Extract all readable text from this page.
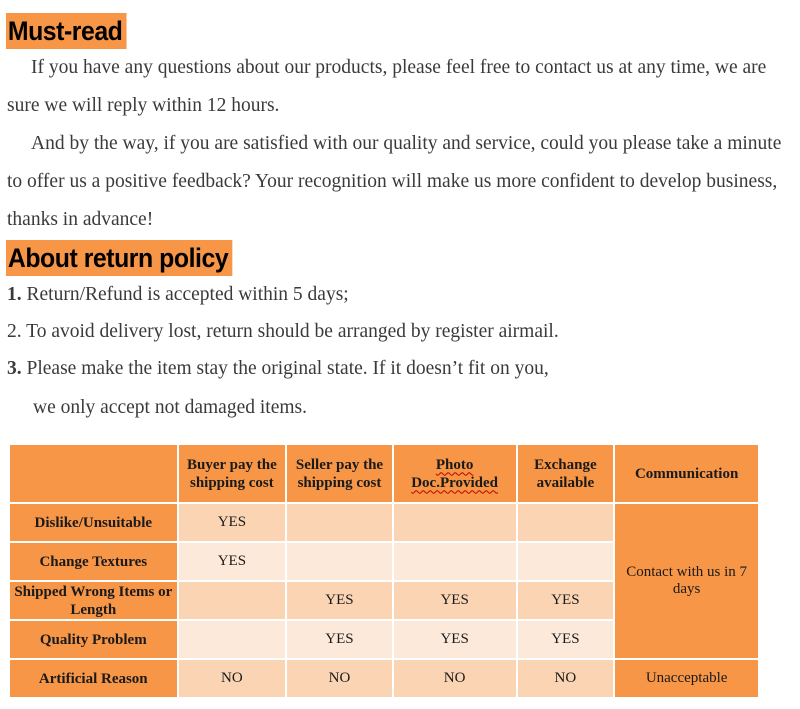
Must-read
If you have any questions about our products, please feel free to contact us at any time, we are sure we will reply within 12 hours.
And by the way, if you are satisfied with our quality and service, could you please take a minute to offer us a positive feedback? Your recognition will make us more confident to develop business, thanks in advance!
About return policy
1. Return/Refund is accepted within 5 days;
2. To avoid delivery lost, return should be arranged by register airmail.
3. Please make the item stay the original state. If it doesn’t fit on you,
we only accept not damaged items.
	Buyer pay the shipping cost	Seller pay the shipping cost	Photo Doc.Provided	Exchange available	Communication
Dislike/Unsuitable	YES				Contact with us in 7 days
Change Textures	YES				
Shipped Wrong Items or Length		YES	YES	YES	
Quality Problem		YES	YES	YES	
Artificial Reason	NO	NO	NO	NO	Unacceptable
